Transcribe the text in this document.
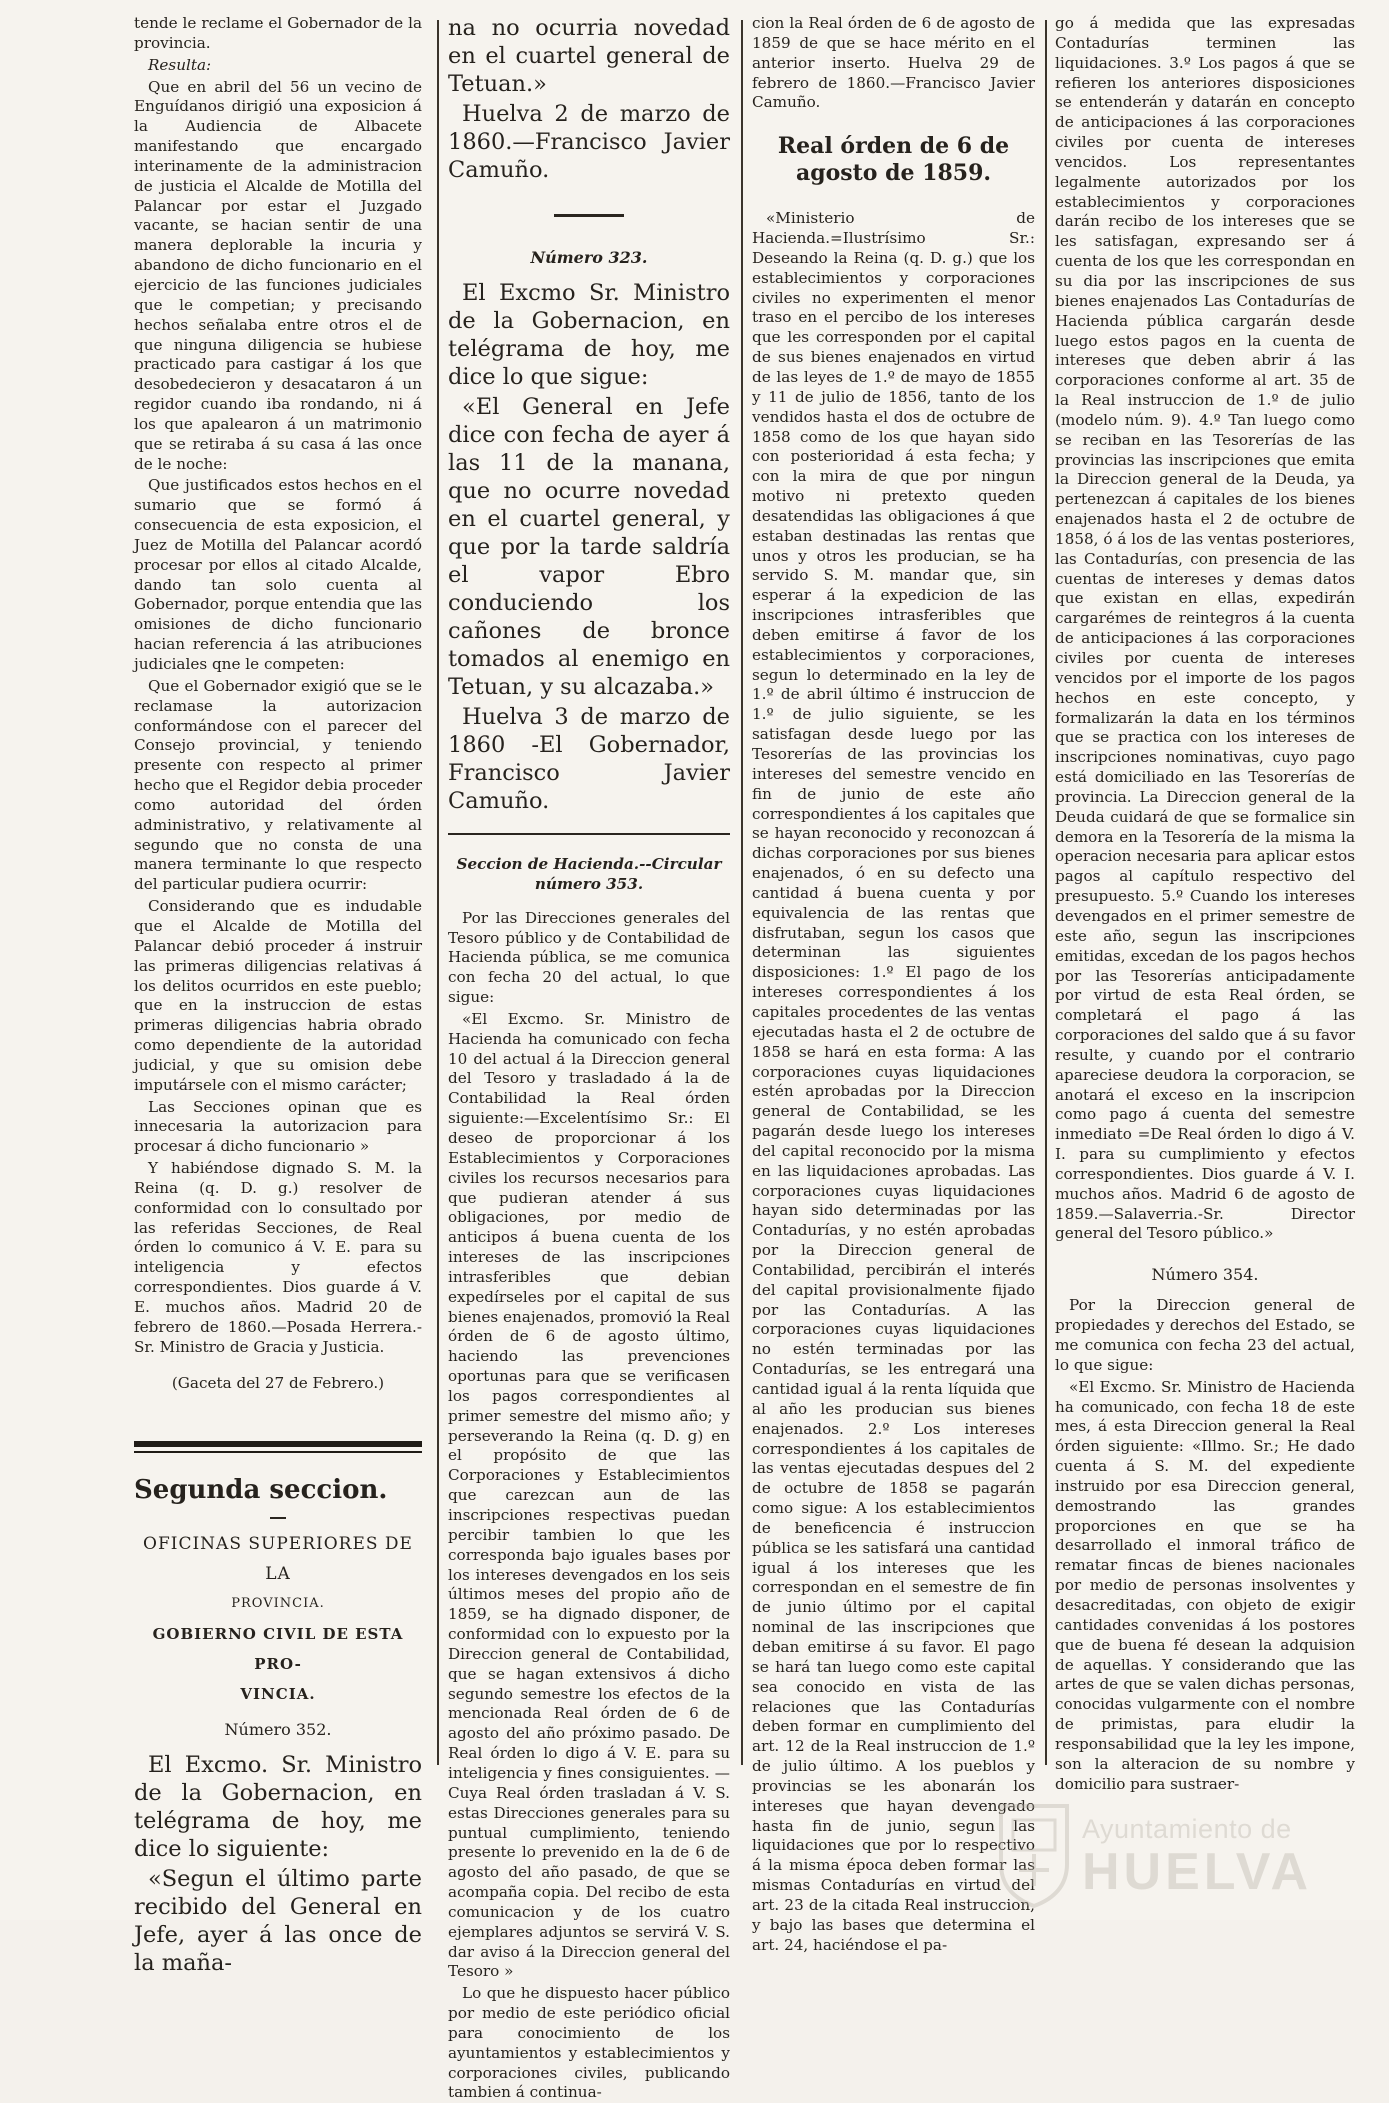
tende le reclame el Gobernador de la provincia.

Resulta:

Que en abril del 56 un vecino de Enguídanos dirigió una exposicion á la Audiencia de Albacete manifestando que encargado interinamente de la administracion de justicia el Alcalde de Motilla del Palancar por estar el Juzgado vacante, se hacian sentir de una manera deplorable la incuria y abandono de dicho funcionario en el ejercicio de las funciones judiciales que le competian; y precisando hechos señalaba entre otros el de que ninguna diligencia se hubiese practicado para castigar á los que desobedecieron y desacataron á un regidor cuando iba rondando, ni á los que apalearon á un matrimonio que se retiraba á su casa á las once de le noche:

Que justificados estos hechos en el sumario que se formó á consecuencia de esta exposicion, el Juez de Motilla del Palancar acordó procesar por ellos al citado Alcalde, dando tan solo cuenta al Gobernador, porque entendia que las omisiones de dicho funcionario hacian referencia á las atribuciones judiciales qne le competen:

Que el Gobernador exigió que se le reclamase la autorizacion conformándose con el parecer del Consejo provincial, y teniendo presente con respecto al primer hecho que el Regidor debia proceder como autoridad del órden administrativo, y relativamente al segundo que no consta de una manera terminante lo que respecto del particular pudiera ocurrir:

Considerando que es indudable que el Alcalde de Motilla del Palancar debió proceder á instruir las primeras diligencias relativas á los delitos ocurridos en este pueblo; que en la instruccion de estas primeras diligencias habria obrado como dependiente de la autoridad judicial, y que su omision debe imputársele con el mismo carácter;

Las Secciones opinan que es innecesaria la autorizacion para procesar á dicho funcionario »

Y habiéndose dignado S. M. la Reina (q. D. g.) resolver de conformidad con lo consultado por las referidas Secciones, de Real órden lo comunico á V. E. para su inteligencia y efectos correspondientes. Dios guarde á V. E. muchos años. Madrid 20 de febrero de 1860.—Posada Herrera.-Sr. Ministro de Gracia y Justicia.

(Gaceta del 27 de Febrero.)

Segunda seccion.

OFICINAS SUPERIORES DE LA

PROVINCIA.

GOBIERNO CIVIL DE ESTA PRO-

VINCIA.

Número 352.

El Excmo. Sr. Ministro de la Gobernacion, en telégrama de hoy, me dice lo siguiente:

«Segun el último parte recibido del General en Jefe, ayer á las once de la maña-

na no ocurria novedad en el cuartel general de Tetuan.»

Huelva 2 de marzo de 1860.—Francisco Javier Camuño.

Número 323.

El Excmo Sr. Ministro de la Gobernacion, en telégrama de hoy, me dice lo que sigue:

«El General en Jefe dice con fecha de ayer á las 11 de la manana, que no ocurre novedad en el cuartel general, y que por la tarde saldría el vapor Ebro conduciendo los cañones de bronce tomados al enemigo en Tetuan, y su alcazaba.»

Huelva 3 de marzo de 1860 -El Gobernador, Francisco Javier Camuño.

Seccion de Hacienda.--Circular número 353.

Por las Direcciones generales del Tesoro público y de Contabilidad de Hacienda pública, se me comunica con fecha 20 del actual, lo que sigue:

«El Excmo. Sr. Ministro de Hacienda ha comunicado con fecha 10 del actual á la Direccion general del Tesoro y trasladado á la de Contabilidad la Real órden siguiente:—Excelentísimo Sr.: El deseo de proporcionar á los Establecimientos y Corporaciones civiles los recursos necesarios para que pudieran atender á sus obligaciones, por medio de anticipos á buena cuenta de los intereses de las inscripciones intrasferibles que debian expedírseles por el capital de sus bienes enajenados, promovió la Real órden de 6 de agosto último, haciendo las prevenciones oportunas para que se verificasen los pagos correspondientes al primer semestre del mismo año; y perseverando la Reina (q. D. g) en el propósito de que las Corporaciones y Establecimientos que carezcan aun de las inscripciones respectivas puedan percibir tambien lo que les corresponda bajo iguales bases por los intereses devengados en los seis últimos meses del propio año de 1859, se ha dignado disponer, de conformidad con lo expuesto por la Direccion general de Contabilidad, que se hagan extensivos á dicho segundo semestre los efectos de la mencionada Real órden de 6 de agosto del año próximo pasado. De Real órden lo digo á V. E. para su inteligencia y fines consiguientes. —Cuya Real órden trasladan á V. S. estas Direcciones generales para su puntual cumplimiento, teniendo presente lo prevenido en la de 6 de agosto del año pasado, de que se acompaña copia. Del recibo de esta comunicacion y de los cuatro ejemplares adjuntos se servirá V. S. dar aviso á la Direccion general del Tesoro »

Lo que he dispuesto hacer público por medio de este periódico oficial para conocimiento de los ayuntamientos y establecimientos y corporaciones civiles, publicando tambien á continua-

cion la Real órden de 6 de agosto de 1859 de que se hace mérito en el anterior inserto. Huelva 29 de febrero de 1860.—Francisco Javier Camuño.

Real órden de 6 de agosto de 1859.

«Ministerio de Hacienda.=Ilustrísimo Sr.: Deseando la Reina (q. D. g.) que los establecimientos y corporaciones civiles no experimenten el menor traso en el percibo de los intereses que les corresponden por el capital de sus bienes enajenados en virtud de las leyes de 1.º de mayo de 1855 y 11 de julio de 1856, tanto de los vendidos hasta el dos de octubre de 1858 como de los que hayan sido con posterioridad á esta fecha; y con la mira de que por ningun motivo ni pretexto queden desatendidas las obligaciones á que estaban destinadas las rentas que unos y otros les producian, se ha servido S. M. mandar que, sin esperar á la expedicion de las inscripciones intrasferibles que deben emitirse á favor de los establecimientos y corporaciones, segun lo determinado en la ley de 1.º de abril último é instruccion de 1.º de julio siguiente, se les satisfagan desde luego por las Tesorerías de las provincias los intereses del semestre vencido en fin de junio de este año correspondientes á los capitales que se hayan reconocido y reconozcan á dichas corporaciones por sus bienes enajenados, ó en su defecto una cantidad á buena cuenta y por equivalencia de las rentas que disfrutaban, segun los casos que determinan las siguientes disposiciones: 1.º El pago de los intereses correspondientes á los capitales procedentes de las ventas ejecutadas hasta el 2 de octubre de 1858 se hará en esta forma: A las corporaciones cuyas liquidaciones estén aprobadas por la Direccion general de Contabilidad, se les pagarán desde luego los intereses del capital reconocido por la misma en las liquidaciones aprobadas. Las corporaciones cuyas liquidaciones hayan sido determinadas por las Contadurías, y no estén aprobadas por la Direccion general de Contabilidad, percibirán el interés del capital provisionalmente fijado por las Contadurías. A las corporaciones cuyas liquidaciones no estén terminadas por las Contadurías, se les entregará una cantidad igual á la renta líquida que al año les producian sus bienes enajenados. 2.º Los intereses correspondientes á los capitales de las ventas ejecutadas despues del 2 de octubre de 1858 se pagarán como sigue: A los establecimientos de beneficencia é instruccion pública se les satisfará una cantidad igual á los intereses que les correspondan en el semestre de fin de junio último por el capital nominal de las inscripciones que deban emitirse á su favor. El pago se hará tan luego como este capital sea conocido en vista de las relaciones que las Contadurías deben formar en cumplimiento del art. 12 de la Real instruccion de 1.º de julio último. A los pueblos y provincias se les abonarán los intereses que hayan devengado hasta fin de junio, segun las liquidaciones que por lo respectivo á la misma época deben formar las mismas Contadurías en virtud del art. 23 de la citada Real instruccion, y bajo las bases que determina el art. 24, haciéndose el pa-

go á medida que las expresadas Contadurías terminen las liquidaciones. 3.º Los pagos á que se refieren los anteriores disposiciones se entenderán y datarán en concepto de anticipaciones á las corporaciones civiles por cuenta de intereses vencidos. Los representantes legalmente autorizados por los establecimientos y corporaciones darán recibo de los intereses que se les satisfagan, expresando ser á cuenta de los que les correspondan en su dia por las inscripciones de sus bienes enajenados Las Contadurías de Hacienda pública cargarán desde luego estos pagos en la cuenta de intereses que deben abrir á las corporaciones conforme al art. 35 de la Real instruccion de 1.º de julio (modelo núm. 9). 4.º Tan luego como se reciban en las Tesorerías de las provincias las inscripciones que emita la Direccion general de la Deuda, ya pertenezcan á capitales de los bienes enajenados hasta el 2 de octubre de 1858, ó á los de las ventas posteriores, las Contadurías, con presencia de las cuentas de intereses y demas datos que existan en ellas, expedirán cargarémes de reintegros á la cuenta de anticipaciones á las corporaciones civiles por cuenta de intereses vencidos por el importe de los pagos hechos en este concepto, y formalizarán la data en los términos que se practica con los intereses de inscripciones nominativas, cuyo pago está domiciliado en las Tesorerías de provincia. La Direccion general de la Deuda cuidará de que se formalice sin demora en la Tesorería de la misma la operacion necesaria para aplicar estos pagos al capítulo respectivo del presupuesto. 5.º Cuando los intereses devengados en el primer semestre de este año, segun las inscripciones emitidas, excedan de los pagos hechos por las Tesorerías anticipadamente por virtud de esta Real órden, se completará el pago á las corporaciones del saldo que á su favor resulte, y cuando por el contrario apareciese deudora la corporacion, se anotará el exceso en la inscripcion como pago á cuenta del semestre inmediato =De Real órden lo digo á V. I. para su cumplimiento y efectos correspondientes. Dios guarde á V. I. muchos años. Madrid 6 de agosto de 1859.—Salaverria.-Sr. Director general del Tesoro público.»

Número 354.

Por la Direccion general de propiedades y derechos del Estado, se me comunica con fecha 23 del actual, lo que sigue:

«El Excmo. Sr. Ministro de Hacienda ha comunicado, con fecha 18 de este mes, á esta Direccion general la Real órden siguiente: «Illmo. Sr.; He dado cuenta á S. M. del expediente instruido por esa Direccion general, demostrando las grandes proporciones en que se ha desarrollado el inmoral tráfico de rematar fincas de bienes nacionales por medio de personas insolventes y desacreditadas, con objeto de exigir cantidades convenidas á los postores que de buena fé desean la adquision de aquellas. Y considerando que las artes de que se valen dichas personas, conocidas vulgarmente con el nombre de primistas, para eludir la responsabilidad que la ley les impone, son la alteracion de su nombre y domicilio para sustraer-

Ayuntamiento de
HUELVA
